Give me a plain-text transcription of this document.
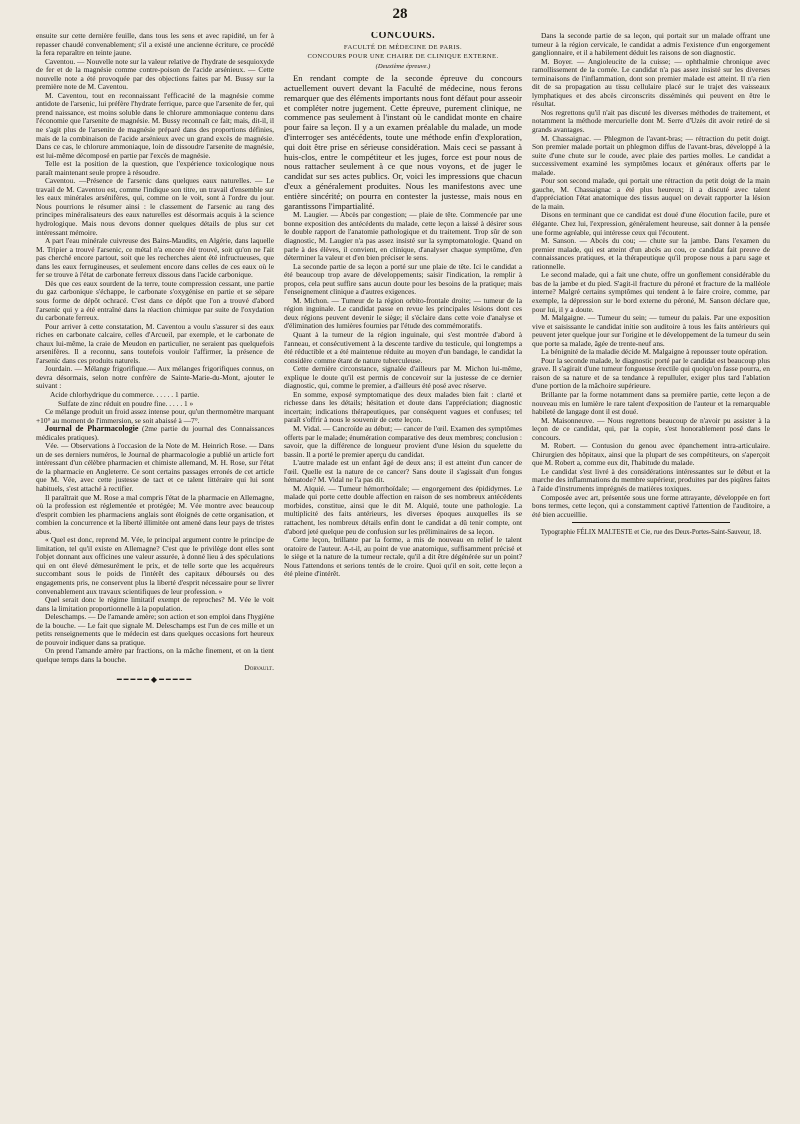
28

ensuite sur cette dernière feuille, dans tous les sens et avec rapidité, un fer à repasser chaudé convenablement; s'il a existé une ancienne écriture, ce procédé la fera reparaître en teinte jaune.

Caventou. — Nouvelle note sur la valeur relative de l'hydrate de sesquioxyde de fer et de la magnésie comme contre-poison de l'acide arsénieux. — Cette nouvelle note a été provoquée par des objections faites par M. Bussy sur la première note de M. Caventou.

M. Caventou, tout en reconnaissant l'efficacité de la magnésie comme antidote de l'arsenic, lui préfère l'hydrate ferrique, parce que l'arsenite de fer, qui prend naissance, est moins soluble dans le chlorure ammoniaque contenu dans l'économie que l'arsenite de magnésie. M. Bussy reconnaît ce fait; mais, dit-il, il ne s'agit plus de l'arsenite de magnésie préparé dans des proportions définies, mais de la combinaison de l'acide arsénieux avec un grand excès de magnésie. Dans ce cas, le chlorure ammoniaque, loin de dissoudre l'arsenite de magnésie, est lui-même décomposé en partie par l'excès de magnésie.

Telle est la position de la question, que l'expérience toxicologique nous paraît maintenant seule propre à résoudre.

Caventou. —Présence de l'arsenic dans quelques eaux naturelles. — Le travail de M. Caventou est, comme l'indique son titre, un travail d'ensemble sur les eaux minérales arsénifères, qui, comme on le voit, sont à l'ordre du jour. Nous pourrions le résumer ainsi : le classement de l'arsenic au rang des principes minéralisateurs des eaux naturelles est désormais acquis à la science hydrologique. Mais nous devons donner quelques détails de plus sur cet intéressant mémoire.

A part l'eau minérale cuivreuse des Bains-Maudits, en Algérie, dans laquelle M. Tripier a trouvé l'arsenic, ce métal n'a encore été trouvé, soit qu'on ne l'ait pas cherché encore partout, soit que les recherches aient été infructueuses, que dans les eaux ferrugineuses, et seulement encore dans celles de ces eaux où le fer se trouve à l'état de carbonate ferreux dissous dans l'acide carbonique.

Dès que ces eaux sourdent de la terre, toute compression cessant, une partie du gaz carbonique s'échappe, le carbonate s'oxygénise en partie et se sépare sous forme de dépôt ochracé. C'est dans ce dépôt que l'on a trouvé d'abord l'arsenic qui y a été entraîné dans la réaction chimique par suite de l'oxydation du carbonate ferreux.

Pour arriver à cette constatation, M. Caventou a voulu s'assurer si des eaux riches en carbonate calcaire, celles d'Arcueil, par exemple, et le carbonate de chaux lui-même, la craie de Meudon en particulier, ne seraient pas quelquefois arsenifères. Il a reconnu, sans toutefois vouloir l'affirmer, la présence de l'arsenic dans ces produits naturels.

Jourdain. — Mélange frigorifique.— Aux mélanges frigorifiques connus, on devra désormais, selon notre confrère de Sainte-Marie-du-Mont, ajouter le suivant :

Acide chlorhydrique du commerce. . . . . . 1 partie.

Sulfate de zinc réduit en poudre fine. . . . . 1 »

Ce mélange produit un froid assez intense pour, qu'un thermomètre marquant +10° au moment de l'immersion, se soit abaissé à —7°.

Journal de Pharmacologie (2me partie du journal des Connaissances médicales pratiques).

Vée. — Observations à l'occasion de la Note de M. Heinrich Rose. — Dans un de ses derniers numéros, le Journal de pharmacologie a publié un article fort intéressant d'un célèbre pharmacien et chimiste allemand, M. H. Rose, sur l'état de la pharmacie en Angleterre. Ce sont certains passages erronés de cet article que M. Vée, avec cette justesse de tact et ce talent littéraire qui lui sont habituels, s'est attaché à rectifier.

Il paraîtrait que M. Rose a mal compris l'état de la pharmacie en Allemagne, où la profession est réglementée et protégée; M. Vée montre avec beaucoup d'esprit combien les pharmaciens anglais sont éloignés de cette organisation, et combien la concurrence et la liberté illimitée ont amené dans leur pays de tristes abus.

« Quel est donc, reprend M. Vée, le principal argument contre le principe de limitation, tel qu'il existe en Allemagne? C'est que le privilège dont elles sont l'objet donnant aux officines une valeur assurée, à donné lieu à des spéculations qui en ont élevé démesurément le prix, et de telle sorte que les acquéreurs succombant sous le poids de l'intérêt des capitaux déboursés ou des engagements pris, ne conservent plus la liberté d'esprit nécessaire pour se livrer convenablement aux travaux scientifiques de leur profession. »

Quel serait donc le régime limitatif exempt de reproches? M. Vée le voit dans la limitation proportionnelle à la population.

Deleschamps. — De l'amande amère; son action et son emploi dans l'hygiène de la bouche. — Le fait que signale M. Deleschamps est l'un de ces mille et un petits renseignements que le médecin est dans quelques occasions fort heureux de pouvoir indiquer dans sa pratique.

On prend l'amande amère par fractions, on la mâche finement, et on la tient quelque temps dans la bouche.

Dorvault.

━━━━━◆━━━━━
CONCOURS.
FACULTÉ DE MÉDECINE DE PARIS.
CONCOURS POUR UNE CHAIRE DE CLINIQUE EXTERNE.
(Deuxième épreuve.)

En rendant compte de la seconde épreuve du concours actuellement ouvert devant la Faculté de médecine, nous ferons remarquer que des éléments importants nous font défaut pour asseoir et compléter notre jugement. Cette épreuve, purement clinique, ne commence pas seulement à l'instant où le candidat monte en chaire pour faire sa leçon. Il y a un examen préalable du malade, un mode d'interroger ses antécédents, toute une méthode enfin d'exploration, qui doit être prise en sérieuse considération. Mais ceci se passant à huis-clos, entre le compétiteur et les juges, force est pour nous de nous rattacher seulement à ce que nous voyons, et de juger le candidat sur ses actes publics. Or, voici les impressions que chacun d'eux a généralement produites. Nous les manifestons avec une entière sincérité; on pourra en contester la justesse, mais nous en garantissons l'impartialité.

M. Laugier. — Abcès par congestion; — plaie de tête. Commencée par une bonne exposition des antécédents du malade, cette leçon a laissé à désirer sous le double rapport de l'anatomie pathologique et du traitement. Trop sûr de son diagnostic, M. Laugier n'a pas assez insisté sur la symptomatologie. Quand on parle à des élèves, il convient, en clinique, d'analyser chaque symptôme, d'en déterminer la valeur et d'en bien préciser le sens.

La seconde partie de sa leçon a porté sur une plaie de tête. Ici le candidat a été beaucoup trop avare de développements; saisir l'indication, la remplir à propos, cela peut suffire sans aucun doute pour les besoins de la pratique; mais l'enseignement clinique a d'autres exigences.

M. Michon. — Tumeur de la région orbito-frontale droite; — tumeur de la région inguinale. Le candidat passe en revue les principales lésions dont ces deux régions peuvent devenir le siège; il s'éclaire dans cette voie d'analyse et d'élimination des lumières fournies par l'étude des commémoratifs.

Quant à la tumeur de la région inguinale, qui s'est montrée d'abord à l'anneau, et consécutivement à la descente tardive du testicule, qui longtemps a été réductible et a été maintenue réduite au moyen d'un bandage, le candidat la considère comme étant de nature tuberculeuse.

Cette dernière circonstance, signalée d'ailleurs par M. Michon lui-même, explique le doute qu'il est permis de concevoir sur la justesse de ce dernier diagnostic, qui, comme le premier, a d'ailleurs été posé avec réserve.

En somme, exposé symptomatique des deux malades bien fait : clarté et richesse dans les détails; hésitation et doute dans l'appréciation; diagnostic incertain; indications thérapeutiques, par conséquent vagues et confuses; tel paraît s'offrir à nous le souvenir de cette leçon.

M. Vidal. — Cancroïde au début; — cancer de l'œil. Examen des symptômes offerts par le malade; énumération comparative des deux membres; conclusion : savoir, que la différence de longueur provient d'une lésion du squelette du bassin. Il a porté le premier aperçu du candidat.

L'autre malade est un enfant âgé de deux ans; il est atteint d'un cancer de l'œil. Quelle est la nature de ce cancer? Sans doute il s'agissait d'un fongus hématode? M. Vidal ne l'a pas dit.

M. Alquié. — Tumeur hémorrhoïdale; — engorgement des épididymes. Le malade qui porte cette double affection en raison de ses nombreux antécédents morbides, constitue, ainsi que le dit M. Alquié, toute une pathologie. La multiplicité des faits antérieurs, les diverses époques auxquelles ils se rattachent, les nombreux détails enfin dont le candidat a dû tenir compte, ont d'abord jeté quelque peu de confusion sur les préliminaires de sa leçon.

Cette leçon, brillante par la forme, a mis de nouveau en relief le talent oratoire de l'auteur. A-t-il, au point de vue anatomique, suffisamment précisé et le siège et la nature de la tumeur rectale, qu'il a dit être dégénérée sur un point? Nous l'attendons et serions tentés de le croire. Quoi qu'il en soit, cette leçon a été pleine d'intérêt.

Dans la seconde partie de sa leçon, qui portait sur un malade offrant une tumeur à la région cervicale, le candidat a admis l'existence d'un engorgement ganglionnaire, et il a habilement déduit les raisons de son diagnostic.

M. Boyer. — Angioleucite de la cuisse; — ophthalmie chronique avec ramollissement de la cornée. Le candidat n'a pas assez insisté sur les diverses terminaisons de l'inflammation, dont son premier malade est atteint. Il n'a rien dit de sa propagation au tissu cellulaire placé sur le trajet des vaisseaux lymphatiques et des abcès circonscrits disséminés qui peuvent en être le résultat.

Nos regrettons qu'il n'ait pas discuté les diverses méthodes de traitement, et notamment la méthode mercurielle dont M. Serre d'Uzès dit avoir retiré de si grands avantages.

M. Chassaignac. — Phlegmon de l'avant-bras; — rétraction du petit doigt. Son premier malade portait un phlegmon diffus de l'avant-bras, développé à la suite d'une chute sur le coude, avec plaie des parties molles. Le candidat a successivement examiné les symptômes locaux et généraux offerts par le malade.

Pour son second malade, qui portait une rétraction du petit doigt de la main gauche, M. Chassaignac a été plus heureux; il a discuté avec talent d'appréciation l'état anatomique des tissus auquel on devait rapporter la lésion de la main.

Disons en terminant que ce candidat est doué d'une élocution facile, pure et élégante. Chez lui, l'expression, généralement heureuse, sait donner à la pensée une forme agréable, qui intéresse ceux qui l'écoutent.

M. Sanson. — Abcès du cou; — chute sur la jambe. Dans l'examen du premier malade, qui est atteint d'un abcès au cou, ce candidat fait preuve de connaissances pratiques, et la thérapeutique qu'il propose nous a paru sage et rationnelle.

Le second malade, qui a fait une chute, offre un gonflement considérable du bas de la jambe et du pied. S'agit-il fracture du péroné et fracture de la malléole interne? Malgré certains symptômes qui tendent à le faire croire, comme, par exemple, la dépression sur le bord externe du péroné, M. Sanson déclare que, pour lui, il y a doute.

M. Malgaigne. — Tumeur du sein; — tumeur du palais. Par une exposition vive et saisissante le candidat initie son auditoire à tous les faits antérieurs qui peuvent jeter quelque jour sur l'origine et le développement de la tumeur du sein que porte sa malade, âgée de trente-neuf ans.

La bénignité de la maladie décide M. Malgaigne à repousser toute opération.

Pour la seconde malade, le diagnostic porté par le candidat est beaucoup plus grave. Il s'agirait d'une tumeur fongueuse érectile qui quoiqu'on fasse pourra, en raison de sa nature et de sa tendance à repulluler, exiger plus tard l'ablation d'une portion de la mâchoire supérieure.

Brillante par la forme notamment dans sa première partie, cette leçon a de nouveau mis en lumière le rare talent d'exposition de l'auteur et la remarquable habileté de langage dont il est doué.

M. Maisonneuve. — Nous regrettons beaucoup de n'avoir pu assister à la leçon de ce candidat, qui, par la copie, s'est honorablement posé dans le concours.

M. Robert. — Contusion du genou avec épanchement intra-articulaire. Chirurgien des hôpitaux, ainsi que la plupart de ses compétiteurs, on s'aperçoit que M. Robert a, comme eux dit, l'habitude du malade.

Le candidat s'est livré à des considérations intéressantes sur le début et la marche des inflammations du membre supérieur, produites par des piqûres faites à l'aide d'instruments imprégnés de matières toxiques.

Composée avec art, présentée sous une forme attrayante, développée en fort bons termes, cette leçon, qui a constamment captivé l'attention de l'auditoire, a été bien accueillie.

Typographie FÉLIX MALTESTE et Cie, rue des Deux-Portes-Saint-Sauveur, 18.
